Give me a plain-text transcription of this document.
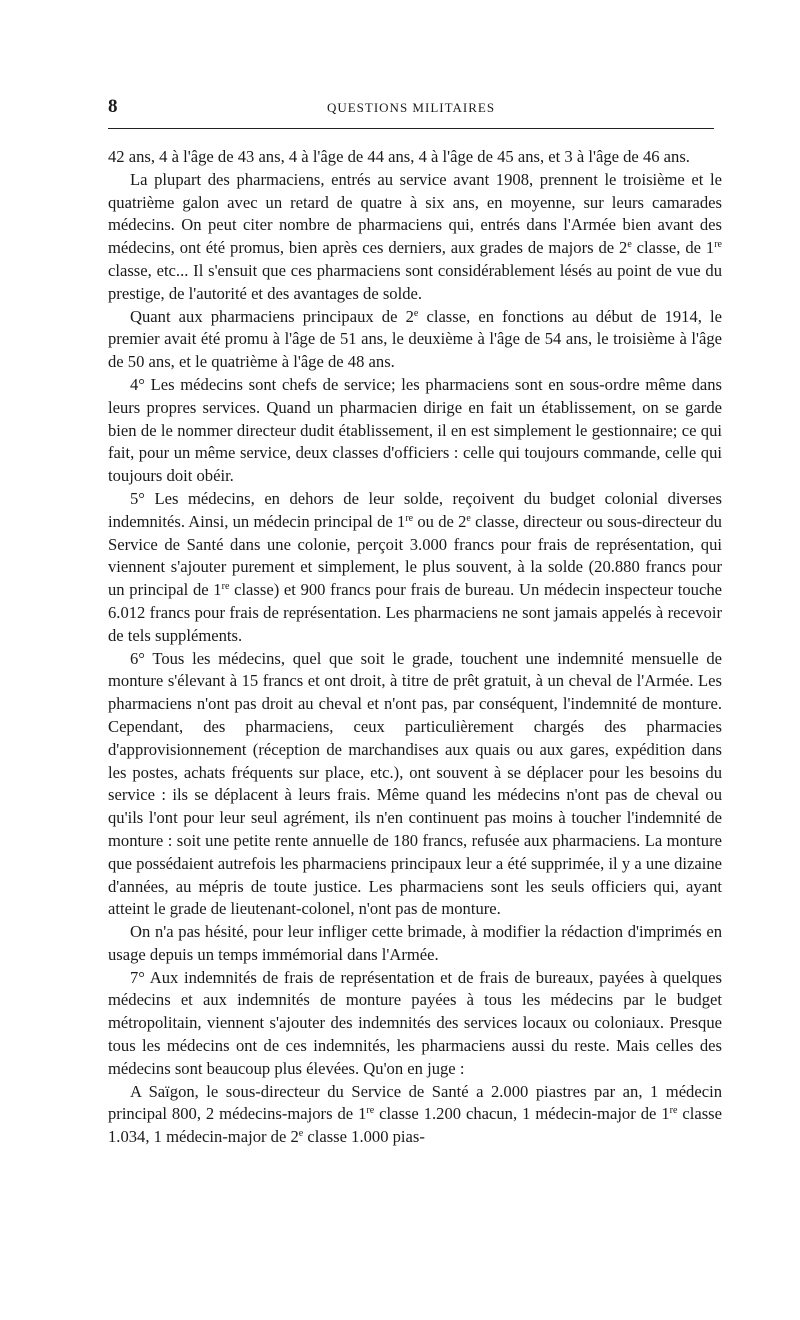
8	QUESTIONS MILITAIRES

42 ans, 4 à l'âge de 43 ans, 4 à l'âge de 44 ans, 4 à l'âge de 45 ans, et 3 à l'âge de 46 ans.

La plupart des pharmaciens, entrés au service avant 1908, prennent le troisième et le quatrième galon avec un retard de quatre à six ans, en moyenne, sur leurs camarades médecins. On peut citer nombre de pharmaciens qui, entrés dans l'Armée bien avant des médecins, ont été promus, bien après ces derniers, aux grades de majors de 2e classe, de 1re classe, etc... Il s'ensuit que ces pharmaciens sont considérablement lésés au point de vue du prestige, de l'autorité et des avantages de solde.

Quant aux pharmaciens principaux de 2e classe, en fonctions au début de 1914, le premier avait été promu à l'âge de 51 ans, le deuxième à l'âge de 54 ans, le troisième à l'âge de 50 ans, et le quatrième à l'âge de 48 ans.

4° Les médecins sont chefs de service; les pharmaciens sont en sous-ordre même dans leurs propres services. Quand un pharmacien dirige en fait un établissement, on se garde bien de le nommer directeur dudit établissement, il en est simplement le gestionnaire; ce qui fait, pour un même service, deux classes d'officiers : celle qui toujours commande, celle qui toujours doit obéir.

5° Les médecins, en dehors de leur solde, reçoivent du budget colonial diverses indemnités. Ainsi, un médecin principal de 1re ou de 2e classe, directeur ou sous-directeur du Service de Santé dans une colonie, perçoit 3.000 francs pour frais de représentation, qui viennent s'ajouter purement et simplement, le plus souvent, à la solde (20.880 francs pour un principal de 1re classe) et 900 francs pour frais de bureau. Un médecin inspecteur touche 6.012 francs pour frais de représentation. Les pharmaciens ne sont jamais appelés à recevoir de tels suppléments.

6° Tous les médecins, quel que soit le grade, touchent une indemnité mensuelle de monture s'élevant à 15 francs et ont droit, à titre de prêt gratuit, à un cheval de l'Armée. Les pharmaciens n'ont pas droit au cheval et n'ont pas, par conséquent, l'indemnité de monture. Cependant, des pharmaciens, ceux particulièrement chargés des pharmacies d'approvisionnement (réception de marchandises aux quais ou aux gares, expédition dans les postes, achats fréquents sur place, etc.), ont souvent à se déplacer pour les besoins du service : ils se déplacent à leurs frais. Même quand les médecins n'ont pas de cheval ou qu'ils l'ont pour leur seul agrément, ils n'en continuent pas moins à toucher l'indemnité de monture : soit une petite rente annuelle de 180 francs, refusée aux pharmaciens. La monture que possédaient autrefois les pharmaciens principaux leur a été supprimée, il y a une dizaine d'années, au mépris de toute justice. Les pharmaciens sont les seuls officiers qui, ayant atteint le grade de lieutenant-colonel, n'ont pas de monture.

On n'a pas hésité, pour leur infliger cette brimade, à modifier la rédaction d'imprimés en usage depuis un temps immémorial dans l'Armée.

7° Aux indemnités de frais de représentation et de frais de bureaux, payées à quelques médecins et aux indemnités de monture payées à tous les médecins par le budget métropolitain, viennent s'ajouter des indemnités des services locaux ou coloniaux. Presque tous les médecins ont de ces indemnités, les pharmaciens aussi du reste. Mais celles des médecins sont beaucoup plus élevées. Qu'on en juge :

A Saïgon, le sous-directeur du Service de Santé a 2.000 piastres par an, 1 médecin principal 800, 2 médecins-majors de 1re classe 1.200 chacun, 1 médecin-major de 1re classe 1.034, 1 médecin-major de 2e classe 1.000 pias-
